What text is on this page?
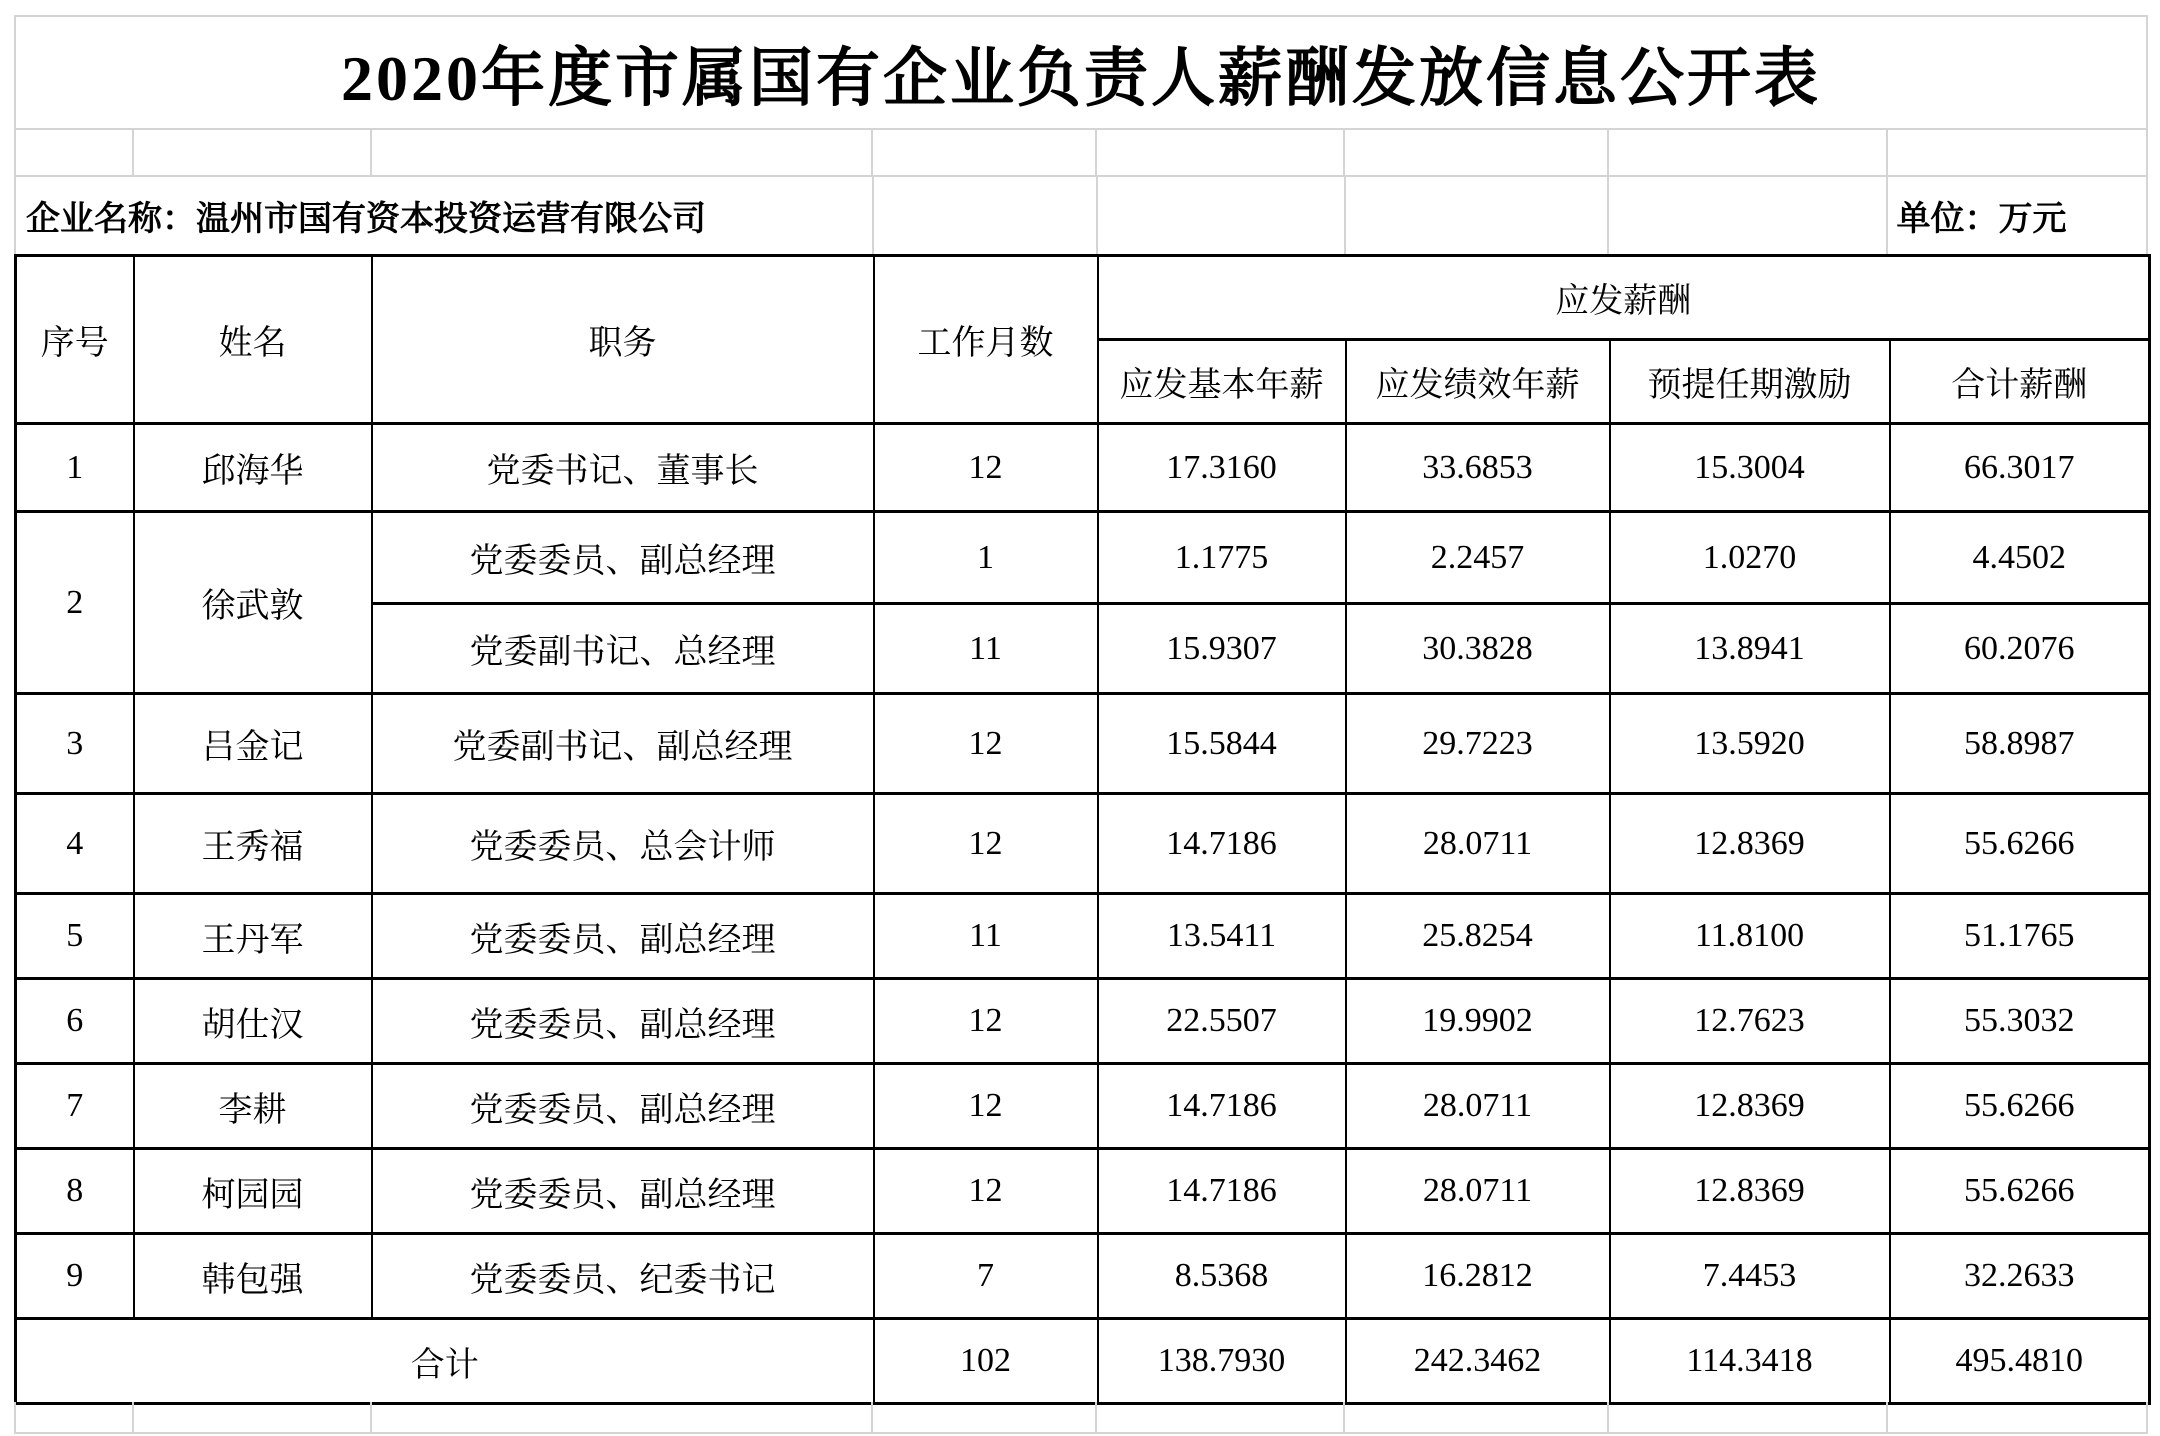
2020年度市属国有企业负责人薪酬发放信息公开表
企业名称：温州市国有资本投资运营有限公司	单位：万元
序号	姓名	职务	工作月数	应发薪酬			
				应发基本年薪	应发绩效年薪	预提任期激励	合计薪酬
1	邱海华	党委书记、董事长	12	17.3160	33.6853	15.3004	66.3017
2	徐武敦	党委委员、副总经理	1	1.1775	2.2457	1.0270	4.4502
		党委副书记、总经理	11	15.9307	30.3828	13.8941	60.2076
3	吕金记	党委副书记、副总经理	12	15.5844	29.7223	13.5920	58.8987
4	王秀福	党委委员、总会计师	12	14.7186	28.0711	12.8369	55.6266
5	王丹军	党委委员、副总经理	11	13.5411	25.8254	11.8100	51.1765
6	胡仕汉	党委委员、副总经理	12	22.5507	19.9902	12.7623	55.3032
7	李耕	党委委员、副总经理	12	14.7186	28.0711	12.8369	55.6266
8	柯园园	党委委员、副总经理	12	14.7186	28.0711	12.8369	55.6266
9	韩包强	党委委员、纪委书记	7	8.5368	16.2812	7.4453	32.2633
合计			102	138.7930	242.3462	114.3418	495.4810
